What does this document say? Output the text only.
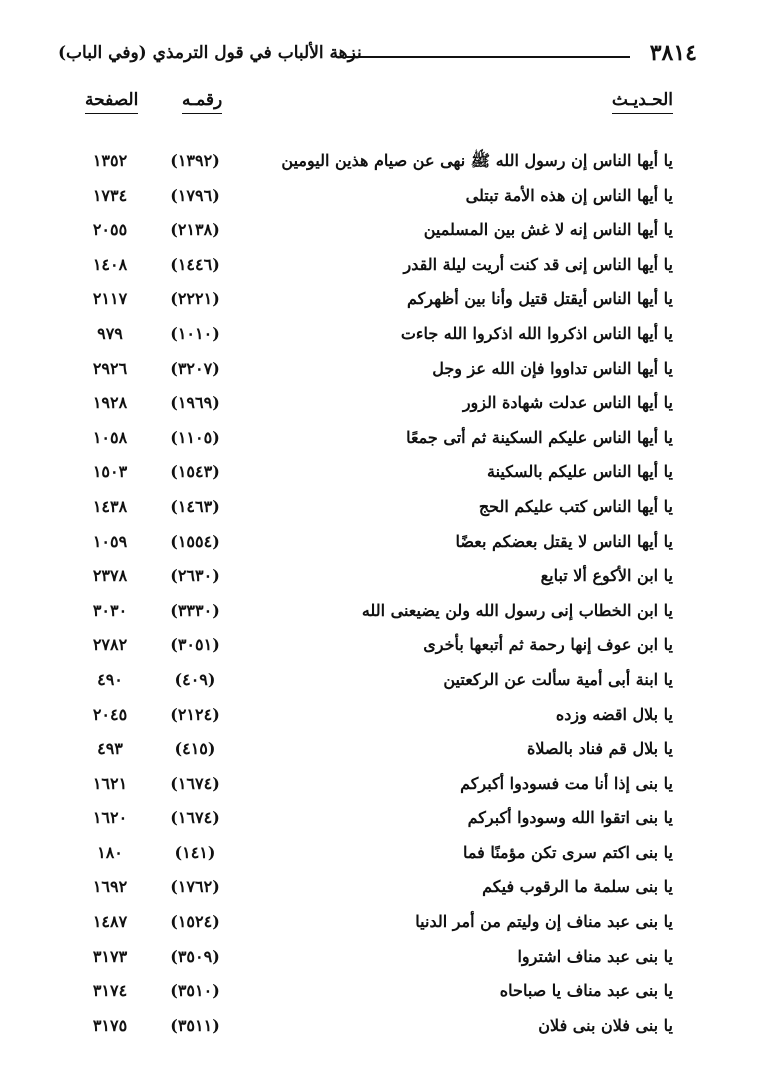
٣٨١٤
نزهة الألباب في قول الترمذي (وفي الباب)
الحـديـث
رقمـه
الصفحة
يا أيها الناس إن رسول الله ﷺ نهى عن صيام هذين اليومين
(١٣٩٢)
١٣٥٢
يا أيها الناس إن هذه الأمة تبتلى
(١٧٩٦)
١٧٣٤
يا أيها الناس إنه لا غش بين المسلمين
(٢١٣٨)
٢٠٥٥
يا أيها الناس إنى قد كنت أريت ليلة القدر
(١٤٤٦)
١٤٠٨
يا أيها الناس أيقتل قتيل وأنا بين أظهركم
(٢٢٢١)
٢١١٧
يا أيها الناس اذكروا الله اذكروا الله جاءت
(١٠١٠)
٩٧٩
يا أيها الناس تداووا فإن الله عز وجل
(٣٢٠٧)
٢٩٢٦
يا أيها الناس عدلت شهادة الزور
(١٩٦٩)
١٩٢٨
يا أيها الناس عليكم السكينة ثم أتى جمعًا
(١١٠٥)
١٠٥٨
يا أيها الناس عليكم بالسكينة
(١٥٤٣)
١٥٠٣
يا أيها الناس كتب عليكم الحج
(١٤٦٣)
١٤٣٨
يا أيها الناس لا يقتل بعضكم بعضًا
(١٥٥٤)
١٠٥٩
يا ابن الأكوع ألا تبايع
(٢٦٣٠)
٢٣٧٨
يا ابن الخطاب إنى رسول الله ولن يضيعنى الله
(٣٣٣٠)
٣٠٣٠
يا ابن عوف إنها رحمة ثم أتبعها بأخرى
(٣٠٥١)
٢٧٨٢
يا ابنة أبى أمية سألت عن الركعتين
(٤٠٩)
٤٩٠
يا بلال اقضه وزده
(٢١٢٤)
٢٠٤٥
يا بلال قم فناد بالصلاة
(٤١٥)
٤٩٣
يا بنى إذا أنا مت فسودوا أكبركم
(١٦٧٤)
١٦٢١
يا بنى اتقوا الله وسودوا أكبركم
(١٦٧٤)
١٦٢٠
يا بنى اكتم سرى تكن مؤمنًا فما
(١٤١)
١٨٠
يا بنى سلمة ما الرقوب فيكم
(١٧٦٢)
١٦٩٢
يا بنى عبد مناف إن وليتم من أمر الدنيا
(١٥٢٤)
١٤٨٧
يا بنى عبد مناف اشتروا
(٣٥٠٩)
٣١٧٣
يا بنى عبد مناف يا صباحاه
(٣٥١٠)
٣١٧٤
يا بنى فلان بنى فلان
(٣٥١١)
٣١٧٥
